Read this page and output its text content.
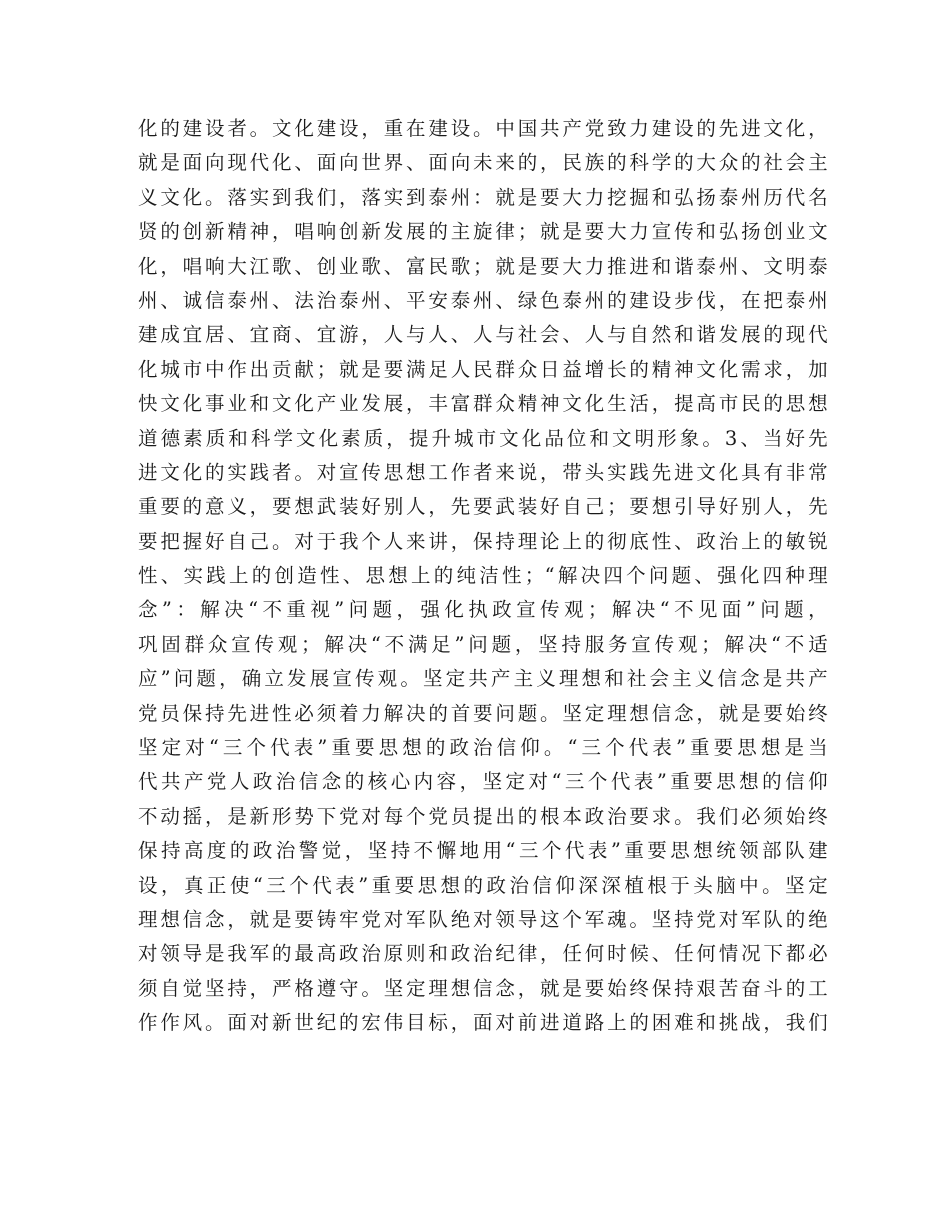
化的建设者。文化建设，重在建设。中国共产党致力建设的先进文化，
就是面向现代化、面向世界、面向未来的，民族的科学的大众的社会主
义文化。落实到我们，落实到泰州：就是要大力挖掘和弘扬泰州历代名
贤的创新精神，唱响创新发展的主旋律；就是要大力宣传和弘扬创业文
化，唱响大江歌、创业歌、富民歌；就是要大力推进和谐泰州、文明泰
州、诚信泰州、法治泰州、平安泰州、绿色泰州的建设步伐，在把泰州
建成宜居、宜商、宜游，人与人、人与社会、人与自然和谐发展的现代
化城市中作出贡献；就是要满足人民群众日益增长的精神文化需求，加
快文化事业和文化产业发展，丰富群众精神文化生活，提高市民的思想
道德素质和科学文化素质，提升城市文化品位和文明形象。3、当好先
进文化的实践者。对宣传思想工作者来说，带头实践先进文化具有非常
重要的意义，要想武装好别人，先要武装好自己；要想引导好别人，先
要把握好自己。对于我个人来讲，保持理论上的彻底性、政治上的敏锐
性、实践上的创造性、思想上的纯洁性；“解决四个问题、强化四种理
念”：解决“不重视”问题，强化执政宣传观；解决“不见面”问题，
巩固群众宣传观；解决“不满足”问题，坚持服务宣传观；解决“不适
应”问题，确立发展宣传观。坚定共产主义理想和社会主义信念是共产
党员保持先进性必须着力解决的首要问题。坚定理想信念，就是要始终
坚定对“三个代表”重要思想的政治信仰。“三个代表”重要思想是当
代共产党人政治信念的核心内容，坚定对“三个代表”重要思想的信仰
不动摇，是新形势下党对每个党员提出的根本政治要求。我们必须始终
保持高度的政治警觉，坚持不懈地用“三个代表”重要思想统领部队建
设，真正使“三个代表”重要思想的政治信仰深深植根于头脑中。坚定
理想信念，就是要铸牢党对军队绝对领导这个军魂。坚持党对军队的绝
对领导是我军的最高政治原则和政治纪律，任何时候、任何情况下都必
须自觉坚持，严格遵守。坚定理想信念，就是要始终保持艰苦奋斗的工
作作风。面对新世纪的宏伟目标，面对前进道路上的困难和挑战，我们
